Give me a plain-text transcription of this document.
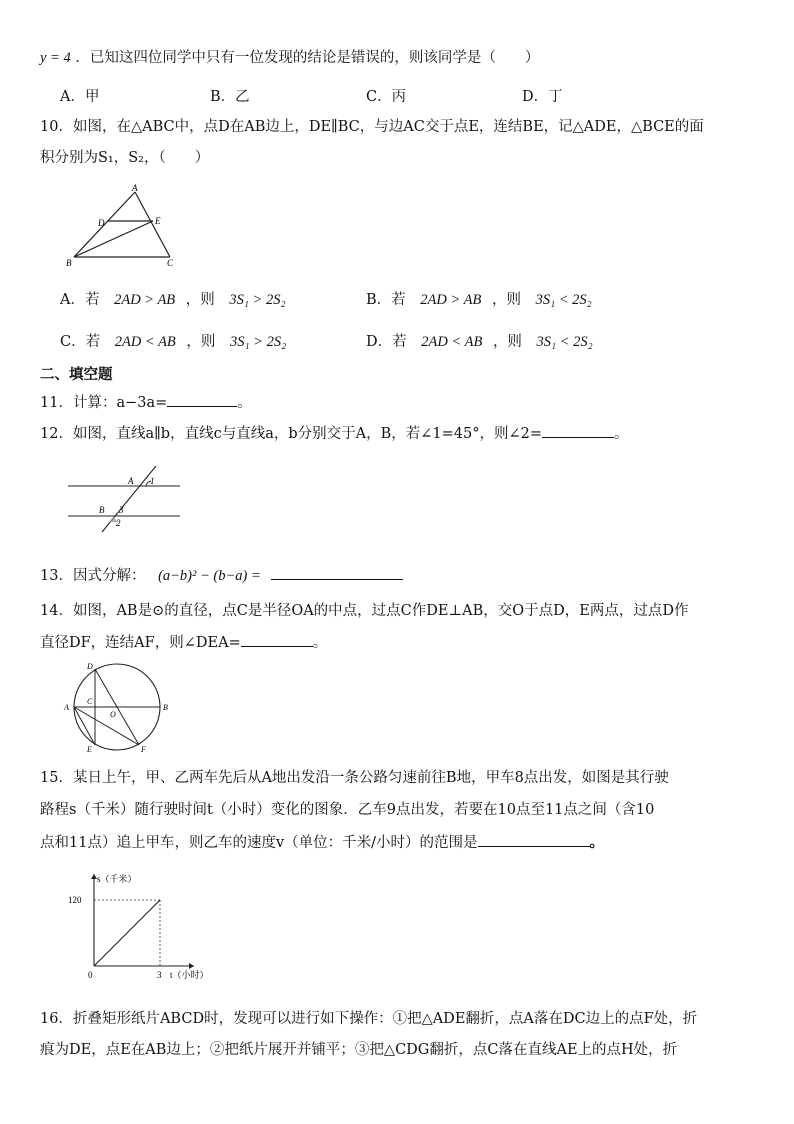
y = 4 ．已知这四位同学中只有一位发现的结论是错误的，则该同学是（　　）
A．甲	B．乙	C．丙	D．丁
10．如图，在△ABC中，点D在AB边上，DE∥BC，与边AC交于点E，连结BE，记△ADE，△BCE的面
积分别为S₁，S₂，（　　）
A
D	E
B	C
A．若 2AD > AB ，则 3S₁ > 2S₂	B．若 2AD > AB ，则 3S₁ < 2S₂
C．若 2AD < AB ，则 3S₁ > 2S₂	D．若 2AD < AB ，则 3S₁ < 2S₂
二、填空题
11．计算：a−3a=	。
12．如图，直线a∥b，直线c与直线a，b分别交于A，B，若∠1=45°，则∠2=	。
A 1
B 3
2
13．因式分解： (a−b)² − (b−a) =
14．如图，AB是⊙的直径，点C是半径OA的中点，过点C作DE⊥AB，交O于点D，E两点，过点D作
直径DF，连结AF，则∠DEA=	。
D
C
A
O
B
E	F
15．某日上午，甲、乙两车先后从A地出发沿一条公路匀速前往B地，甲车8点出发，如图是其行驶
路程s（千米）随行驶时间t（小时）变化的图象．乙车9点出发，若要在10点至11点之间（含10
点和11点）追上甲车，则乙车的速度v（单位：千米/小时）的范围是	。
s（千米）
t（小时）
120
0	3
16．折叠矩形纸片ABCD时，发现可以进行如下操作：①把△ADE翻折，点A落在DC边上的点F处，折
痕为DE，点E在AB边上；②把纸片展开并铺平；③把△CDG翻折，点C落在直线AE上的点H处，折
